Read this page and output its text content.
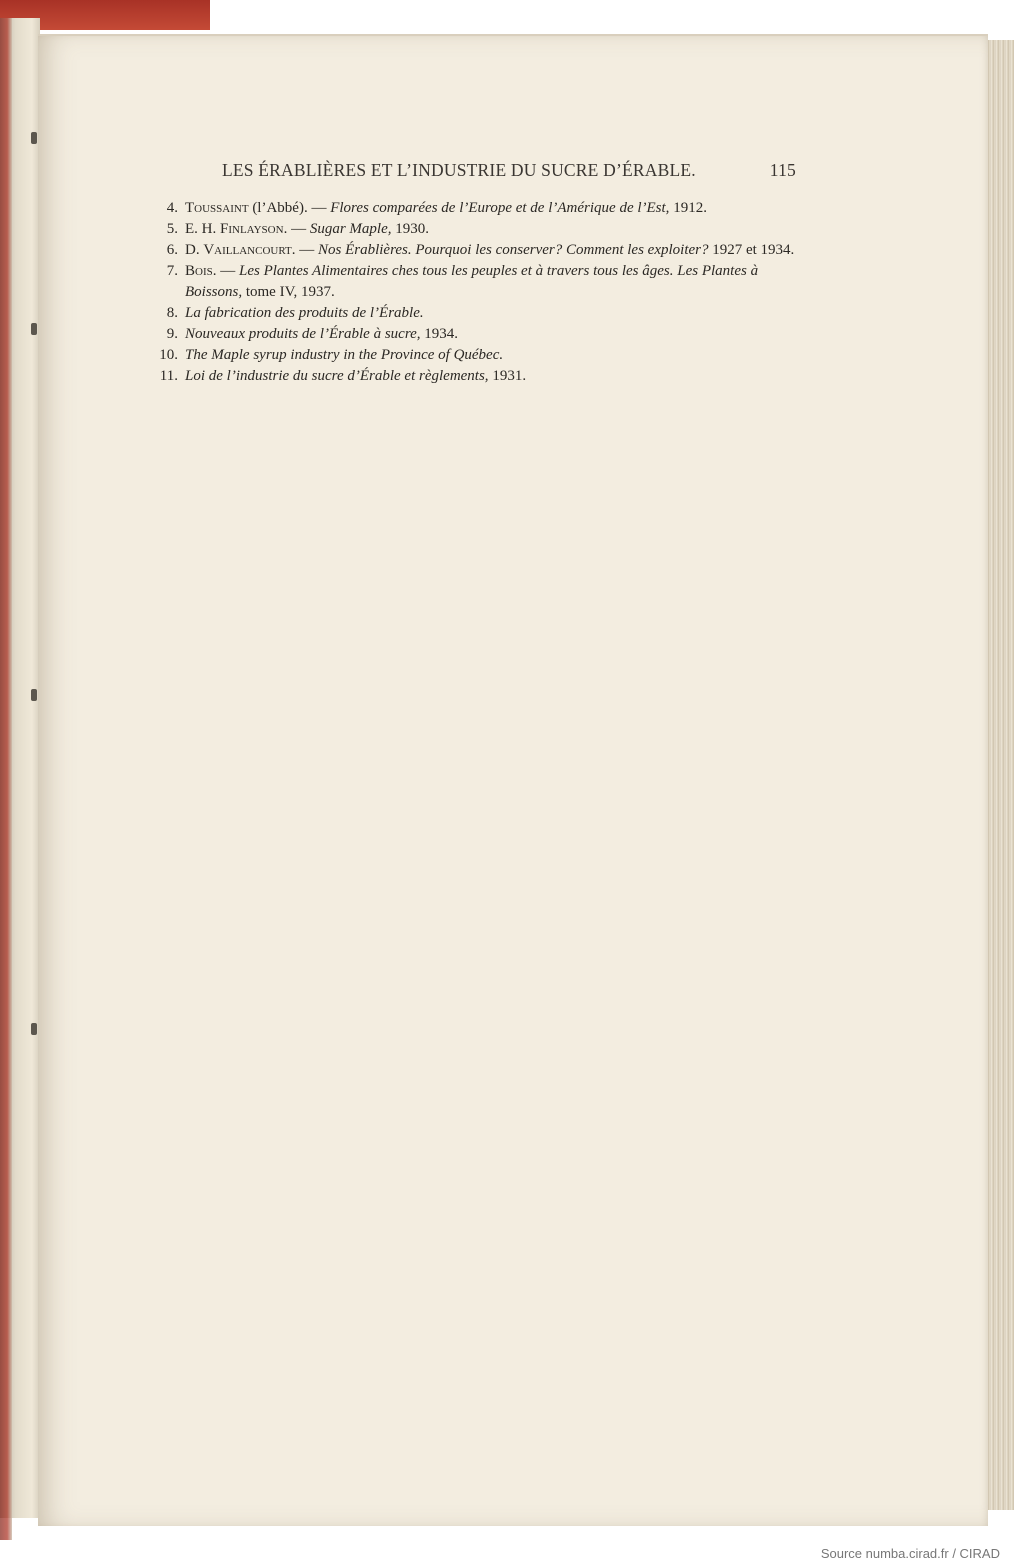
LES ÉRABLIÈRES ET L’INDUSTRIE DU SUCRE D’ÉRABLE.	115
4. Toussaint (l’Abbé). — Flores comparées de l’Europe et de l’Amérique de l’Est, 1912.
5. E. H. Finlayson. — Sugar Maple, 1930.
6. D. Vaillancourt. — Nos Érablières. Pourquoi les conserver? Comment les exploiter? 1927 et 1934.
7. Bois. — Les Plantes Alimentaires ches tous les peuples et à travers tous les âges. Les Plantes à Boissons, tome IV, 1937.
8. La fabrication des produits de l’Érable.
9. Nouveaux produits de l’Érable à sucre, 1934.
10. The Maple syrup industry in the Province of Québec.
11. Loi de l’industrie du sucre d’Érable et règlements, 1931.
Source numba.cirad.fr / CIRAD
